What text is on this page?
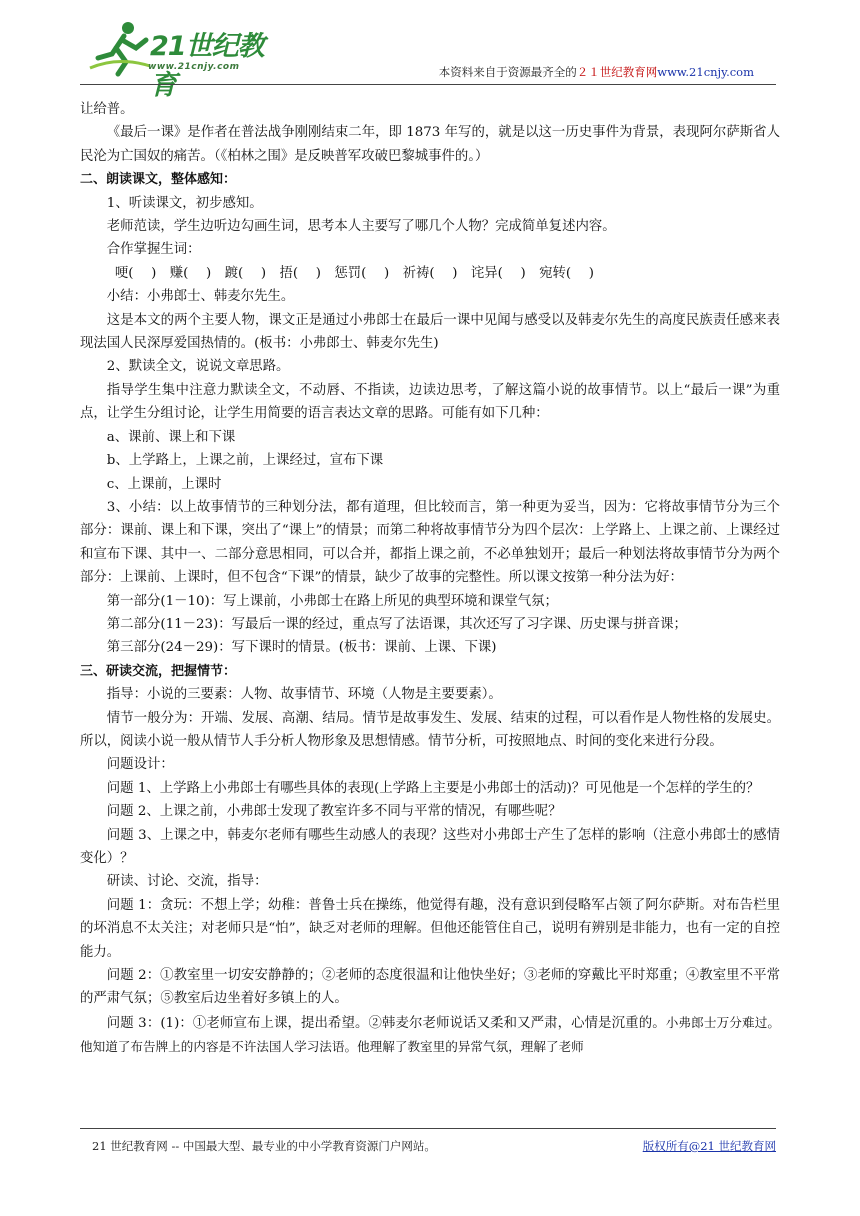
21世纪教育
www.21cnjy.com	本资料来自于资源最齐全的２１世纪教育网www.21cnjy.com

让给普。

《最后一课》是作者在普法战争刚刚结束二年，即 1873 年写的，就是以这一历史事件为背景，表现阿尔萨斯省人民沦为亡国奴的痛苦。（《柏林之围》是反映普军攻破巴黎城事件的。）

二、朗读课文，整体感知：

1、听读课文，初步感知。

老师范读，学生边听边勾画生词，思考本人主要写了哪几个人物？完成简单复述内容。

合作掌握生词：

哽(　 )　赚(　 )　踱(　 )　捂(　 )　惩罚(　 )　祈祷(　 )　诧异(　 )　宛转(　 )

小结：小弗郎士、韩麦尔先生。

这是本文的两个主要人物，课文正是通过小弗郎士在最后一课中见闻与感受以及韩麦尔先生的高度民族责任感来表现法国人民深厚爱国热情的。(板书：小弗郎士、韩麦尔先生)

2、默读全文，说说文章思路。

指导学生集中注意力默读全文，不动唇、不指读，边读边思考，了解这篇小说的故事情节。以上“最后一课”为重点，让学生分组讨论，让学生用简要的语言表达文章的思路。可能有如下几种：

a、课前、课上和下课

b、上学路上，上课之前，上课经过，宣布下课

c、上课前，上课时

3、小结：以上故事情节的三种划分法，都有道理，但比较而言，第一种更为妥当，因为：它将故事情节分为三个部分：课前、课上和下课，突出了“课上”的情景；而第二种将故事情节分为四个层次：上学路上、上课之前、上课经过和宣布下课、其中一、二部分意思相同，可以合并，都指上课之前，不必单独划开；最后一种划法将故事情节分为两个部分：上课前、上课时，但不包含“下课”的情景，缺少了故事的完整性。所以课文按第一种分法为好：

第一部分(1－10)：写上课前，小弗郎士在路上所见的典型环境和课堂气氛；

第二部分(11－23)：写最后一课的经过，重点写了法语课，其次还写了习字课、历史课与拼音课；

第三部分(24－29)：写下课时的情景。(板书：课前、上课、下课)

三、研读交流，把握情节：

指导：小说的三要素：人物、故事情节、环境（人物是主要要素）。

情节一般分为：开端、发展、高潮、结局。情节是故事发生、发展、结束的过程，可以看作是人物性格的发展史。所以，阅读小说一般从情节人手分析人物形象及思想情感。情节分析，可按照地点、时间的变化来进行分段。

问题设计：

问题 1、上学路上小弗郎士有哪些具体的表现(上学路上主要是小弗郎士的活动)？可见他是一个怎样的学生的？

问题 2、上课之前，小弗郎士发现了教室许多不同与平常的情况，有哪些呢？

问题 3、上课之中，韩麦尔老师有哪些生动感人的表现？这些对小弗郎士产生了怎样的影响（注意小弗郎士的感情变化）？

研读、讨论、交流，指导：

问题 1：贪玩：不想上学；幼稚：普鲁士兵在操练，他觉得有趣，没有意识到侵略军占领了阿尔萨斯。对布告栏里的坏消息不太关注；对老师只是“怕”，缺乏对老师的理解。但他还能管住自己，说明有辨别是非能力，也有一定的自控能力。

问题 2：①教室里一切安安静静的；②老师的态度很温和让他快坐好；③老师的穿戴比平时郑重；④教室里不平常的严肃气氛；⑤教室后边坐着好多镇上的人。

问题 3：(1)：①老师宣布上课，提出希望。②韩麦尔老师说话又柔和又严肃，心情是沉重的。小弗郎士万分难过。他知道了布告牌上的内容是不许法国人学习法语。他理解了教室里的异常气氛，理解了老师

21 世纪教育网 -- 中国最大型、最专业的中小学教育资源门户网站。	版权所有@21 世纪教育网
